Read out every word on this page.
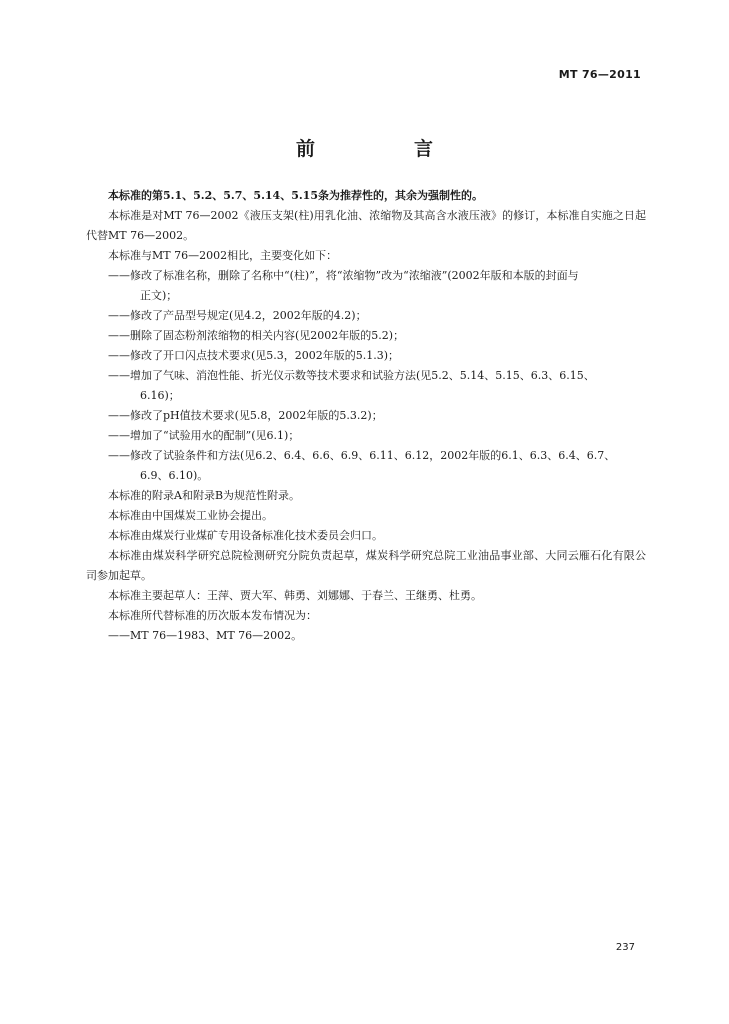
MT 76—2011
前　言

本标准的第5.1、5.2、5.7、5.14、5.15条为推荐性的，其余为强制性的。

本标准是对MT 76—2002《液压支架(柱)用乳化油、浓缩物及其高含水液压液》的修订，本标准自实施之日起代替MT 76—2002。

本标准与MT 76—2002相比，主要变化如下：

——修改了标准名称，删除了名称中“(柱)”，将“浓缩物”改为“浓缩液”(2002年版和本版的封面与
正文)；
——修改了产品型号规定(见4.2，2002年版的4.2)；
——删除了固态粉剂浓缩物的相关内容(见2002年版的5.2)；
——修改了开口闪点技术要求(见5.3，2002年版的5.1.3)；
——增加了气味、消泡性能、折光仪示数等技术要求和试验方法(见5.2、5.14、5.15、6.3、6.15、
6.16)；
——修改了pH值技术要求(见5.8，2002年版的5.3.2)；
——增加了“试验用水的配制”(见6.1)；
——修改了试验条件和方法(见6.2、6.4、6.6、6.9、6.11、6.12，2002年版的6.1、6.3、6.4、6.7、
6.9、6.10)。

本标准的附录A和附录B为规范性附录。

本标准由中国煤炭工业协会提出。

本标准由煤炭行业煤矿专用设备标准化技术委员会归口。

本标准由煤炭科学研究总院检测研究分院负责起草，煤炭科学研究总院工业油品事业部、大同云雁石化有限公司参加起草。

本标准主要起草人：王萍、贾大军、韩勇、刘娜娜、于春兰、王继勇、杜勇。

本标准所代替标准的历次版本发布情况为：

——MT 76—1983、MT 76—2002。
237
